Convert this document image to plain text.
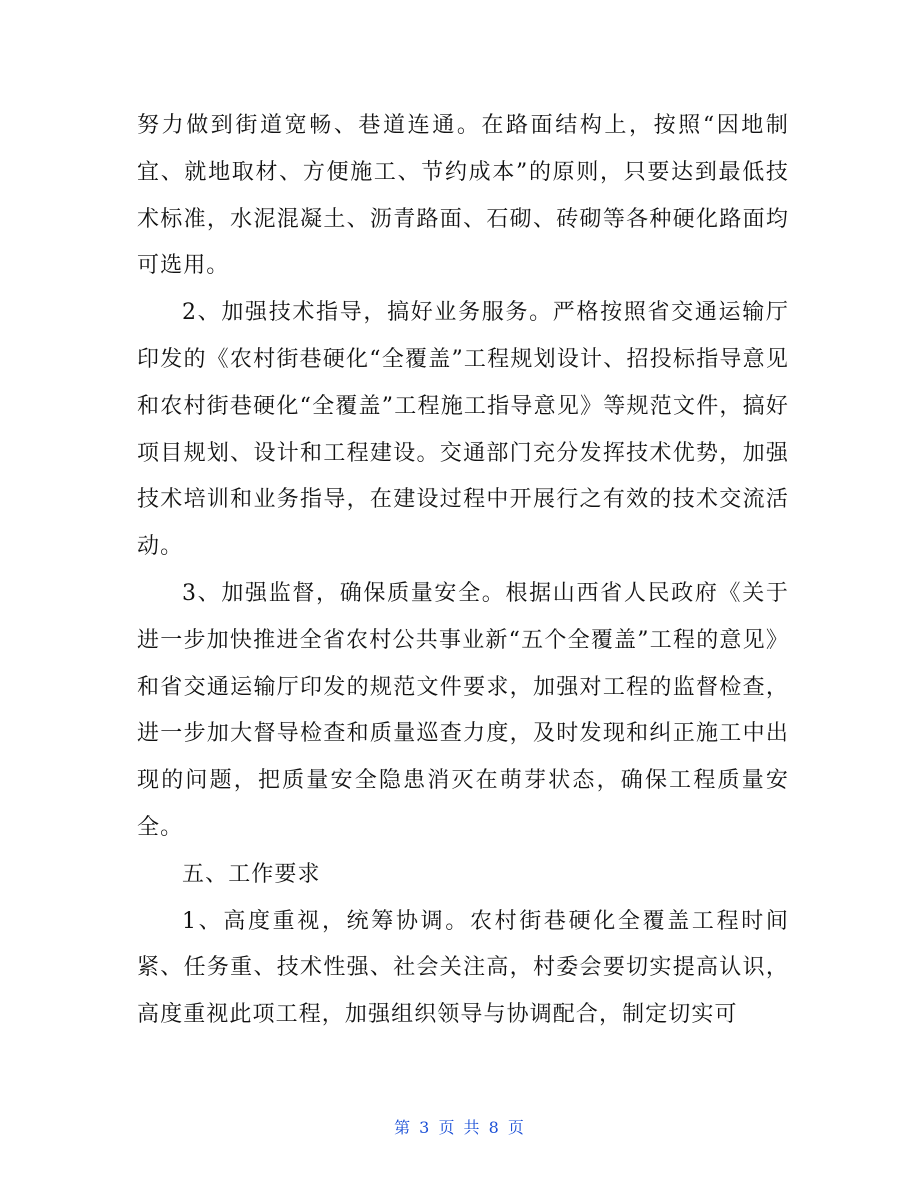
努力做到街道宽畅、巷道连通。在路面结构上，按照“因地制宜、就地取材、方便施工、节约成本”的原则，只要达到最低技术标准，水泥混凝土、沥青路面、石砌、砖砌等各种硬化路面均可选用。

2、加强技术指导，搞好业务服务。严格按照省交通运输厅印发的《农村街巷硬化“全覆盖”工程规划设计、招投标指导意见和农村街巷硬化“全覆盖”工程施工指导意见》等规范文件，搞好项目规划、设计和工程建设。交通部门充分发挥技术优势，加强技术培训和业务指导，在建设过程中开展行之有效的技术交流活动。

3、加强监督，确保质量安全。根据山西省人民政府《关于进一步加快推进全省农村公共事业新“五个全覆盖”工程的意见》和省交通运输厅印发的规范文件要求，加强对工程的监督检查，进一步加大督导检查和质量巡查力度，及时发现和纠正施工中出现的问题，把质量安全隐患消灭在萌芽状态，确保工程质量安全。

五、工作要求

1、高度重视，统筹协调。农村街巷硬化全覆盖工程时间紧、任务重、技术性强、社会关注高，村委会要切实提高认识，高度重视此项工程，加强组织领导与协调配合，制定切实可

第 3 页 共 8 页
